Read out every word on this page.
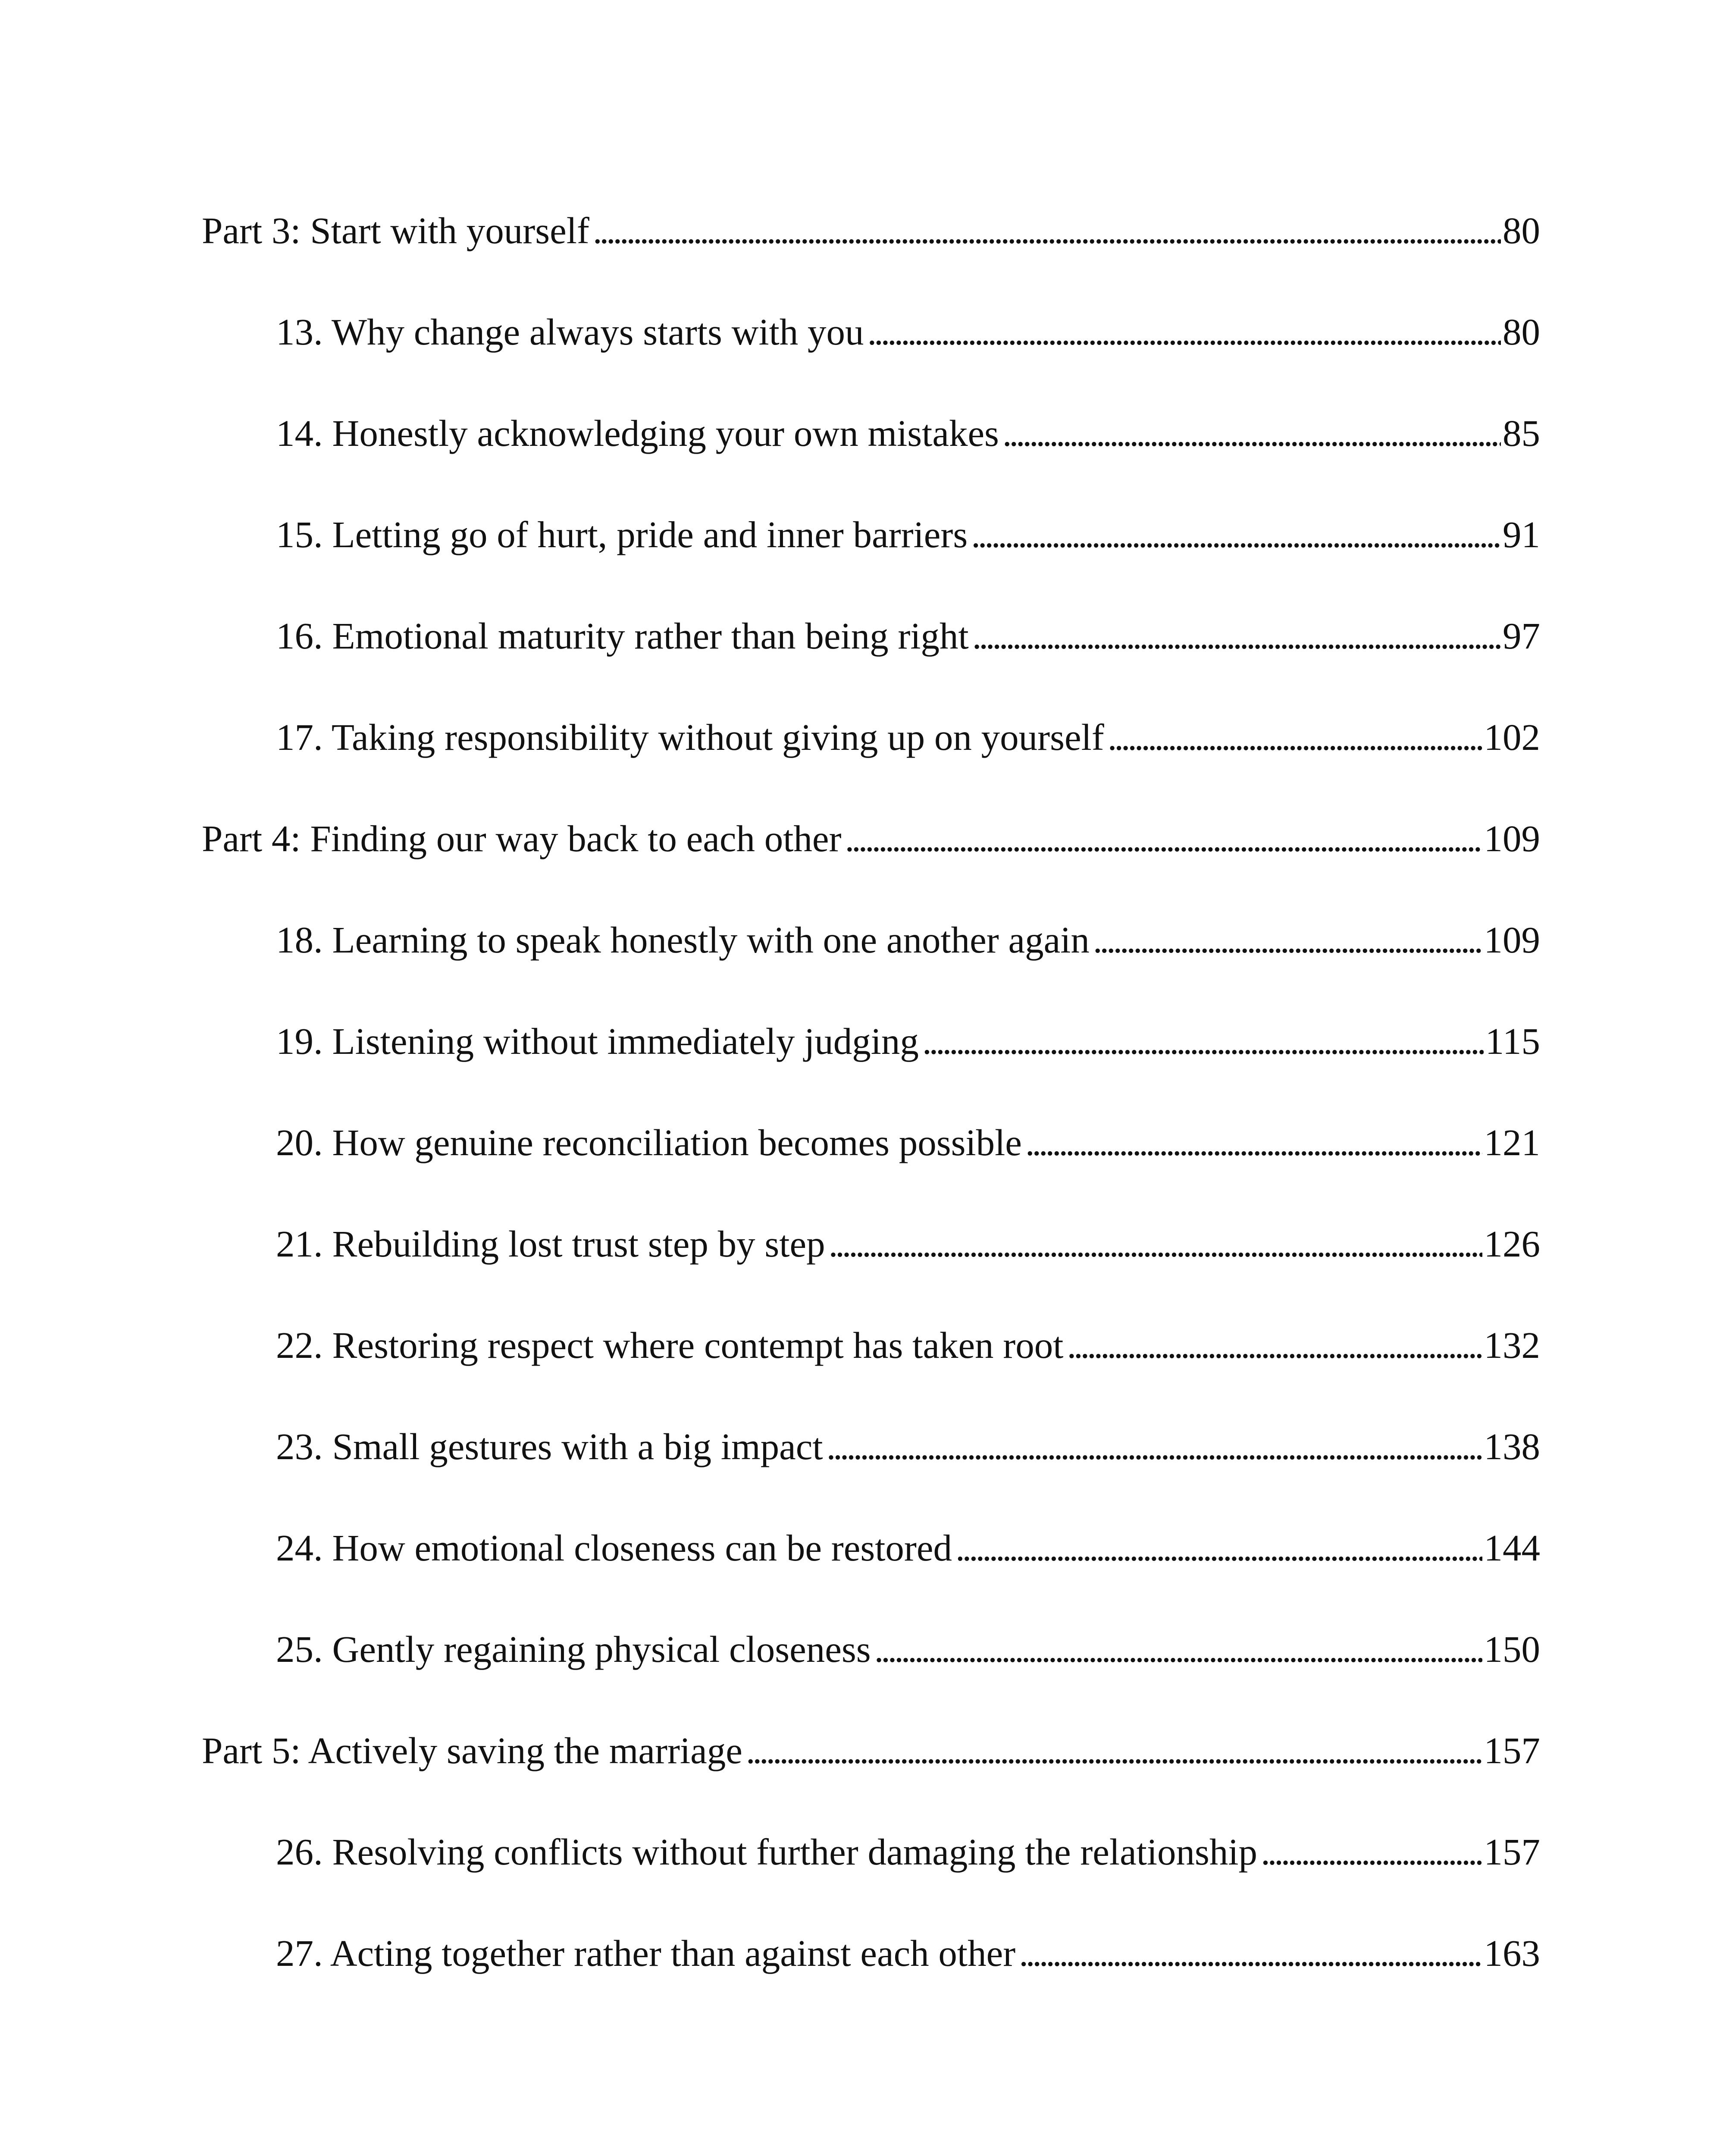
Part 3: Start with yourself . . .	80
13. Why change always starts with you . . .	80
14. Honestly acknowledging your own mistakes . . .	85
15. Letting go of hurt, pride and inner barriers . . .	91
16. Emotional maturity rather than being right . . .	97
17. Taking responsibility without giving up on yourself . . .	102
Part 4: Finding our way back to each other . . .	109
18. Learning to speak honestly with one another again . . .	109
19. Listening without immediately judging . . .	115
20. How genuine reconciliation becomes possible . . .	121
21. Rebuilding lost trust step by step . . .	126
22. Restoring respect where contempt has taken root . . .	132
23. Small gestures with a big impact . . .	138
24. How emotional closeness can be restored . . .	144
25. Gently regaining physical closeness . . .	150
Part 5: Actively saving the marriage . . .	157
26. Resolving conflicts without further damaging the relationship . . .	157
27. Acting together rather than against each other . . .	163
